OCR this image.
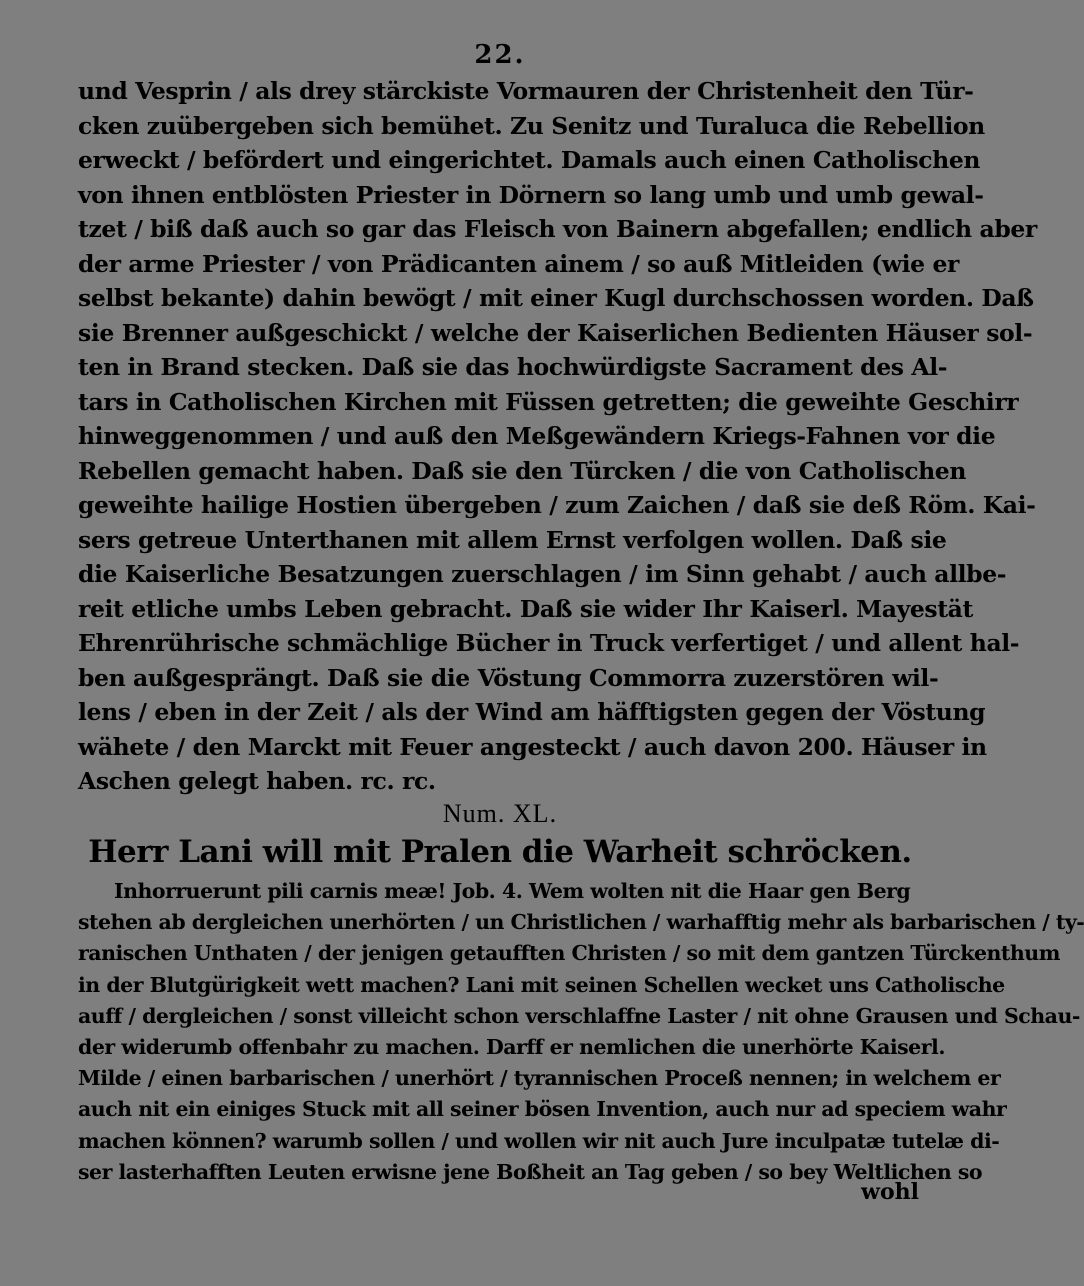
22.
und Vesprin / als drey stärckiste Vormauren der Christenheit den Tür-
cken zuübergeben sich bemühet. Zu Senitz und Turaluca die Rebellion
erweckt / befördert und eingerichtet. Damals auch einen Catholischen
von ihnen entblösten Priester in Dörnern so lang umb und umb gewal-
tzet / biß daß auch so gar das Fleisch von Bainern abgefallen; endlich aber
der arme Priester / von Prädicanten ainem / so auß Mitleiden (wie er
selbst bekante) dahin bewögt / mit einer Kugl durchschossen worden. Daß
sie Brenner außgeschickt / welche der Kaiserlichen Bedienten Häuser sol-
ten in Brand stecken. Daß sie das hochwürdigste Sacrament des Al-
tars in Catholischen Kirchen mit Füssen getretten; die geweihte Geschirr
hinweggenommen / und auß den Meßgewändern Kriegs-Fahnen vor die
Rebellen gemacht haben. Daß sie den Türcken / die von Catholischen
geweihte hailige Hostien übergeben / zum Zaichen / daß sie deß Röm. Kai-
sers getreue Unterthanen mit allem Ernst verfolgen wollen. Daß sie
die Kaiserliche Besatzungen zuerschlagen / im Sinn gehabt / auch allbe-
reit etliche umbs Leben gebracht. Daß sie wider Ihr Kaiserl. Mayestät
Ehrenrührische schmächlige Bücher in Truck verfertiget / und allent hal-
ben außgesprängt. Daß sie die Vöstung Commorra zuzerstören wil-
lens / eben in der Zeit / als der Wind am häfftigsten gegen der Vöstung
wähete / den Marckt mit Feuer angesteckt / auch davon 200. Häuser in
Aschen gelegt haben. rc. rc.
Num. XL.
Herr Lani will mit Pralen die Warheit schröcken.
Inhorruerunt pili carnis meæ! Job. 4. Wem wolten nit die Haar gen Berg
stehen ab dergleichen unerhörten / un Christlichen / warhafftig mehr als barbarischen / ty-
ranischen Unthaten / der jenigen getaufften Christen / so mit dem gantzen Türckenthum
in der Blutgürigkeit wett machen? Lani mit seinen Schellen wecket uns Catholische
auff / dergleichen / sonst villeicht schon verschlaffne Laster / nit ohne Grausen und Schau-
der widerumb offenbahr zu machen. Darff er nemlichen die unerhörte Kaiserl.
Milde / einen barbarischen / unerhört / tyrannischen Proceß nennen; in welchem er
auch nit ein einiges Stuck mit all seiner bösen Invention, auch nur ad speciem wahr
machen können? warumb sollen / und wollen wir nit auch Jure inculpatæ tutelæ di-
ser lasterhafften Leuten erwisne jene Boßheit an Tag geben / so bey Weltlichen so
wohl
